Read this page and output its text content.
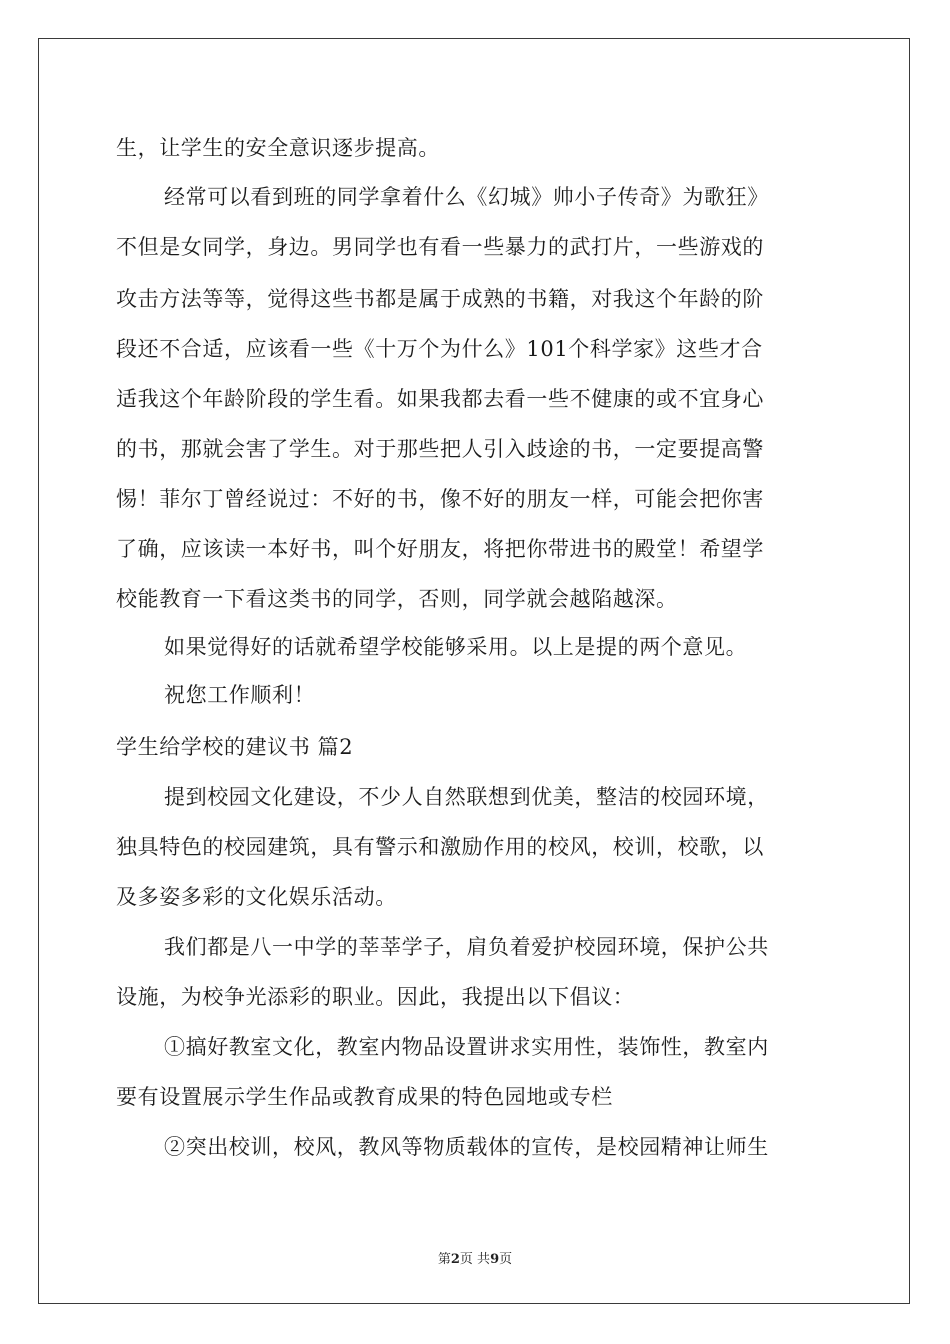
生，让学生的安全意识逐步提高。
经常可以看到班的同学拿着什么《幻城》帅小子传奇》为歌狂》
不但是女同学，身边。男同学也有看一些暴力的武打片，一些游戏的
攻击方法等等，觉得这些书都是属于成熟的书籍，对我这个年龄的阶
段还不合适，应该看一些《十万个为什么》101个科学家》这些才合
适我这个年龄阶段的学生看。如果我都去看一些不健康的或不宜身心
的书，那就会害了学生。对于那些把人引入歧途的书，一定要提高警
惕！菲尔丁曾经说过：不好的书，像不好的朋友一样，可能会把你害
了确，应该读一本好书，叫个好朋友，将把你带进书的殿堂！希望学
校能教育一下看这类书的同学，否则，同学就会越陷越深。
如果觉得好的话就希望学校能够采用。以上是提的两个意见。
祝您工作顺利！
学生给学校的建议书 篇2
提到校园文化建设，不少人自然联想到优美，整洁的校园环境，
独具特色的校园建筑，具有警示和激励作用的校风，校训，校歌，以
及多姿多彩的文化娱乐活动。
我们都是八一中学的莘莘学子，肩负着爱护校园环境，保护公共
设施，为校争光添彩的职业。因此，我提出以下倡议：
①搞好教室文化，教室内物品设置讲求实用性，装饰性，教室内
要有设置展示学生作品或教育成果的特色园地或专栏
②突出校训，校风，教风等物质载体的宣传，是校园精神让师生
第2页 共9页
